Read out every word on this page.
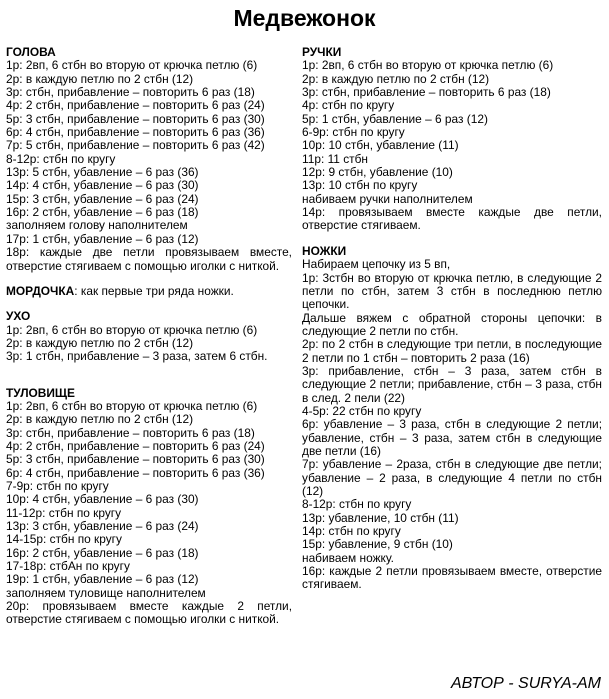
Медвежонок
ГОЛОВА
1р: 2вп, 6 стбн во вторую от крючка петлю (6)
2р: в каждую петлю по 2 стбн (12)
3р: стбн, прибавление – повторить 6 раз (18)
4р: 2 стбн, прибавление – повторить 6 раз (24)
5р: 3 стбн, прибавление – повторить 6 раз (30)
6р: 4 стбн, прибавление – повторить 6 раз (36)
7р: 5 стбн, прибавление – повторить 6 раз (42)
8-12р: стбн по кругу
13р: 5 стбн, убавление – 6 раз (36)
14р: 4 стбн, убавление – 6 раз (30)
15р: 3 стбн, убавление – 6 раз (24)
16р: 2 стбн, убавление – 6 раз (18)
заполняем голову наполнителем
17р: 1 стбн, убавление – 6 раз (12)
18р: каждые две петли провязываем вместе, отверстие стягиваем с помощью иголки с ниткой.
МОРДОЧКА: как первые три ряда ножки.
УХО
1р: 2вп, 6 стбн во вторую от крючка петлю (6)
2р: в каждую петлю по 2 стбн (12)
3р: 1 стбн, прибавление – 3 раза, затем 6 стбн.
ТУЛОВИЩЕ
1р: 2вп, 6 стбн во вторую от крючка петлю (6)
2р: в каждую петлю по 2 стбн (12)
3р: стбн, прибавление – повторить 6 раз (18)
4р: 2 стбн, прибавление – повторить 6 раз (24)
5р: 3 стбн, прибавление – повторить 6 раз (30)
6р: 4 стбн, прибавление – повторить 6 раз (36)
7-9р: стбн по кругу
10р: 4 стбн, убавление – 6 раз (30)
11-12р: стбн по кругу
13р: 3 стбн, убавление – 6 раз (24)
14-15р: стбн по кругу
16р: 2 стбн, убавление – 6 раз (18)
17-18р: стбАн по кругу
19р: 1 стбн, убавление – 6 раз (12)
заполняем туловище наполнителем
20р: провязываем вместе каждые 2 петли, отверстие стягиваем с помощью иголки с ниткой.
РУЧКИ
1р: 2вп, 6 стбн во вторую от крючка петлю (6)
2р: в каждую петлю по 2 стбн (12)
3р: стбн, прибавление – повторить 6 раз (18)
4р: стбн по кругу
5р: 1 стбн, убавление – 6 раз (12)
6-9р: стбн по кругу
10р: 10 стбн, убавление (11)
11р: 11 стбн
12р: 9 стбн, убавление (10)
13р: 10 стбн по кругу
набиваем ручки наполнителем
14р: провязываем вместе каждые две петли, отверстие стягиваем.
НОЖКИ
Набираем цепочку из 5 вп,
1р: 3стбн во вторую от крючка петлю, в следующие 2 петли по стбн, затем 3 стбн в последнюю петлю цепочки.
Дальше вяжем с обратной стороны цепочки: в следующие 2 петли по стбн.
2р: по 2 стбн в следующие три петли, в последующие 2 петли по 1 стбн – повторить 2 раза (16)
3р: прибавление, стбн – 3 раза, затем стбн в следующие 2 петли; прибавление, стбн – 3 раза, стбн в след. 2 пели (22)
4-5р: 22 стбн по кругу
6р: убавление – 3 раза, стбн в следующие 2 петли; убавление, стбн – 3 раза, затем стбн в следующие две петли (16)
7р: убавление – 2раза, стбн в следующие две петли; убавление – 2 раза, в следующие 4 петли по стбн (12)
8-12р: стбн по кругу
13р: убавление, 10 стбн (11)
14р: стбн по кругу
15р: убавление, 9 стбн (10)
набиваем ножку.
16р: каждые 2 петли провязываем вместе, отверстие стягиваем.
АВТОР - SURYA-AM
